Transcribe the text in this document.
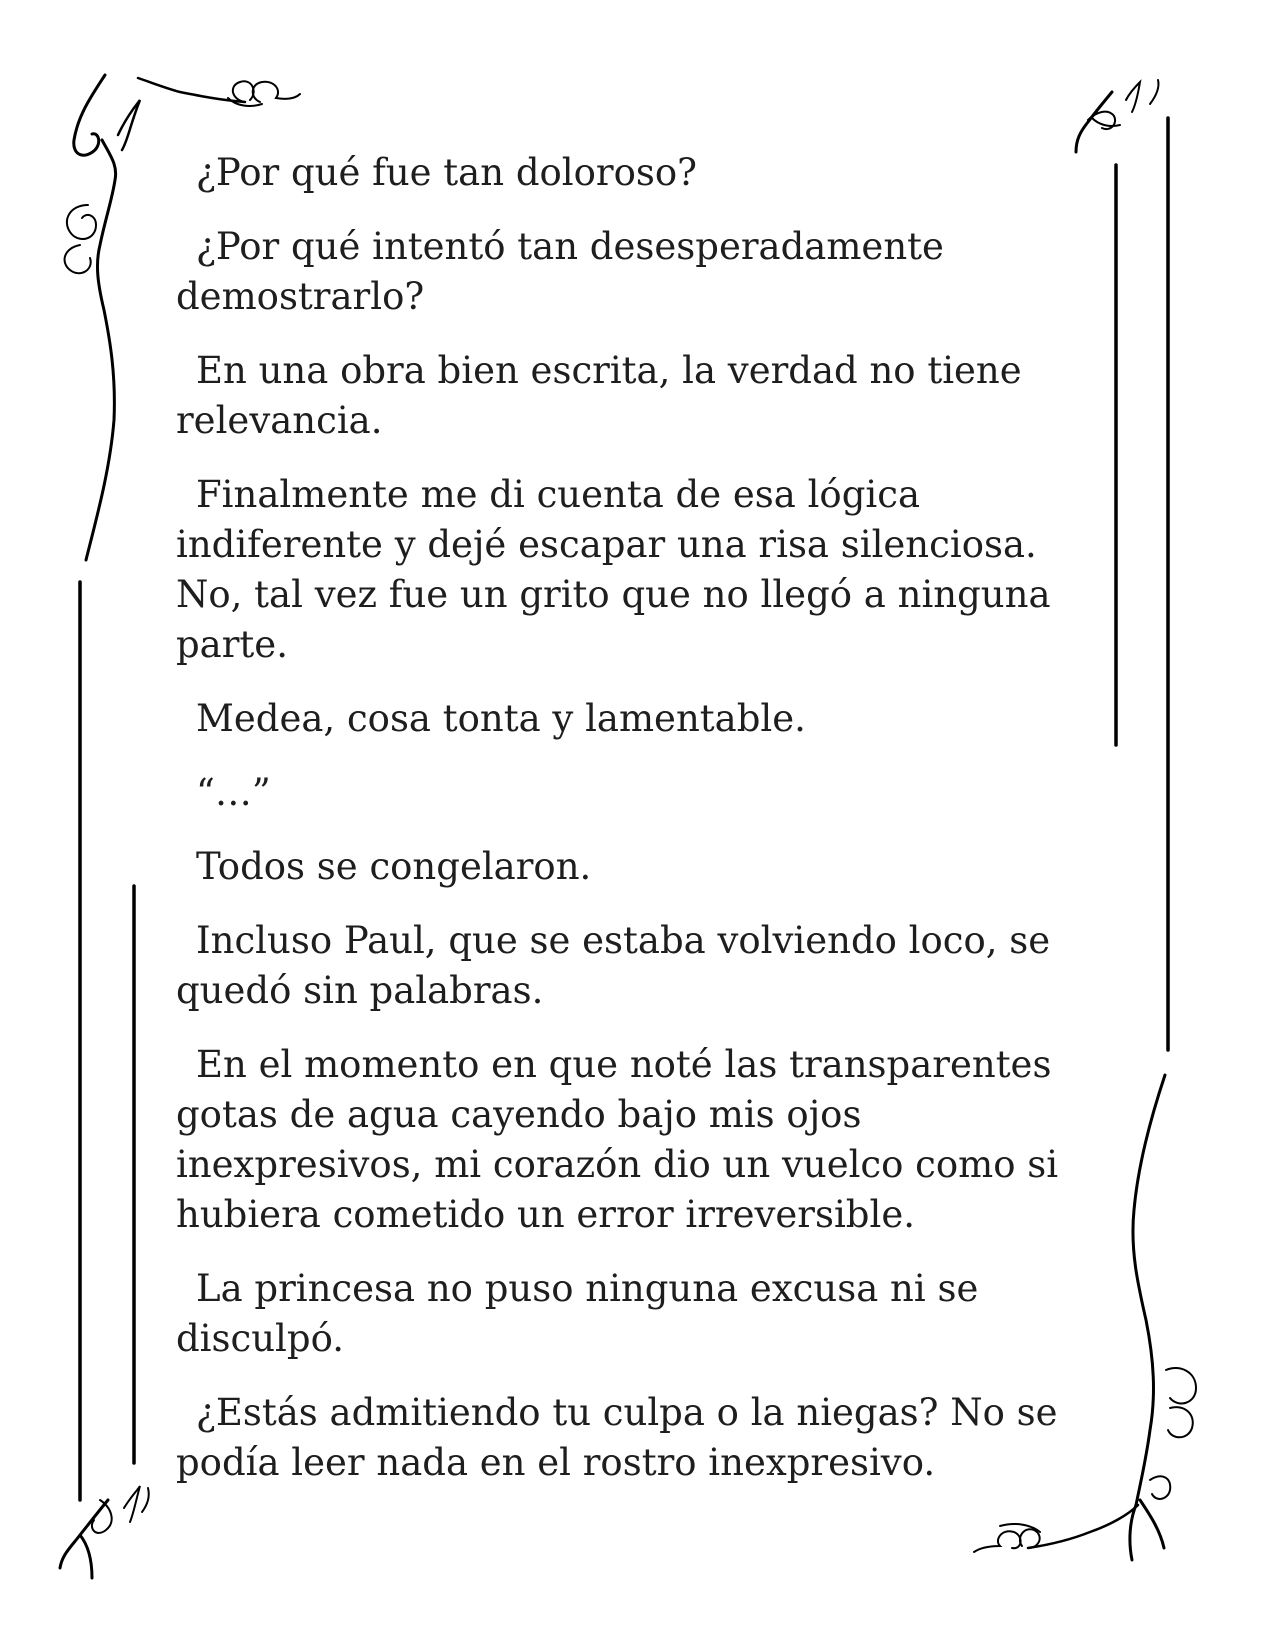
¿Por qué fue tan doloroso?

¿Por qué intentó tan desesperadamente demostrarlo?

En una obra bien escrita, la verdad no tiene relevancia.

Finalmente me di cuenta de esa lógica indiferente y dejé escapar una risa silenciosa. No, tal vez fue un grito que no llegó a ninguna parte.

Medea, cosa tonta y lamentable.

“…”

Todos se congelaron.

Incluso Paul, que se estaba volviendo loco, se quedó sin palabras.

En el momento en que noté las transparentes gotas de agua cayendo bajo mis ojos inexpresivos, mi corazón dio un vuelco como si hubiera cometido un error irreversible.

La princesa no puso ninguna excusa ni se disculpó.

¿Estás admitiendo tu culpa o la niegas? No se podía leer nada en el rostro inexpresivo.
